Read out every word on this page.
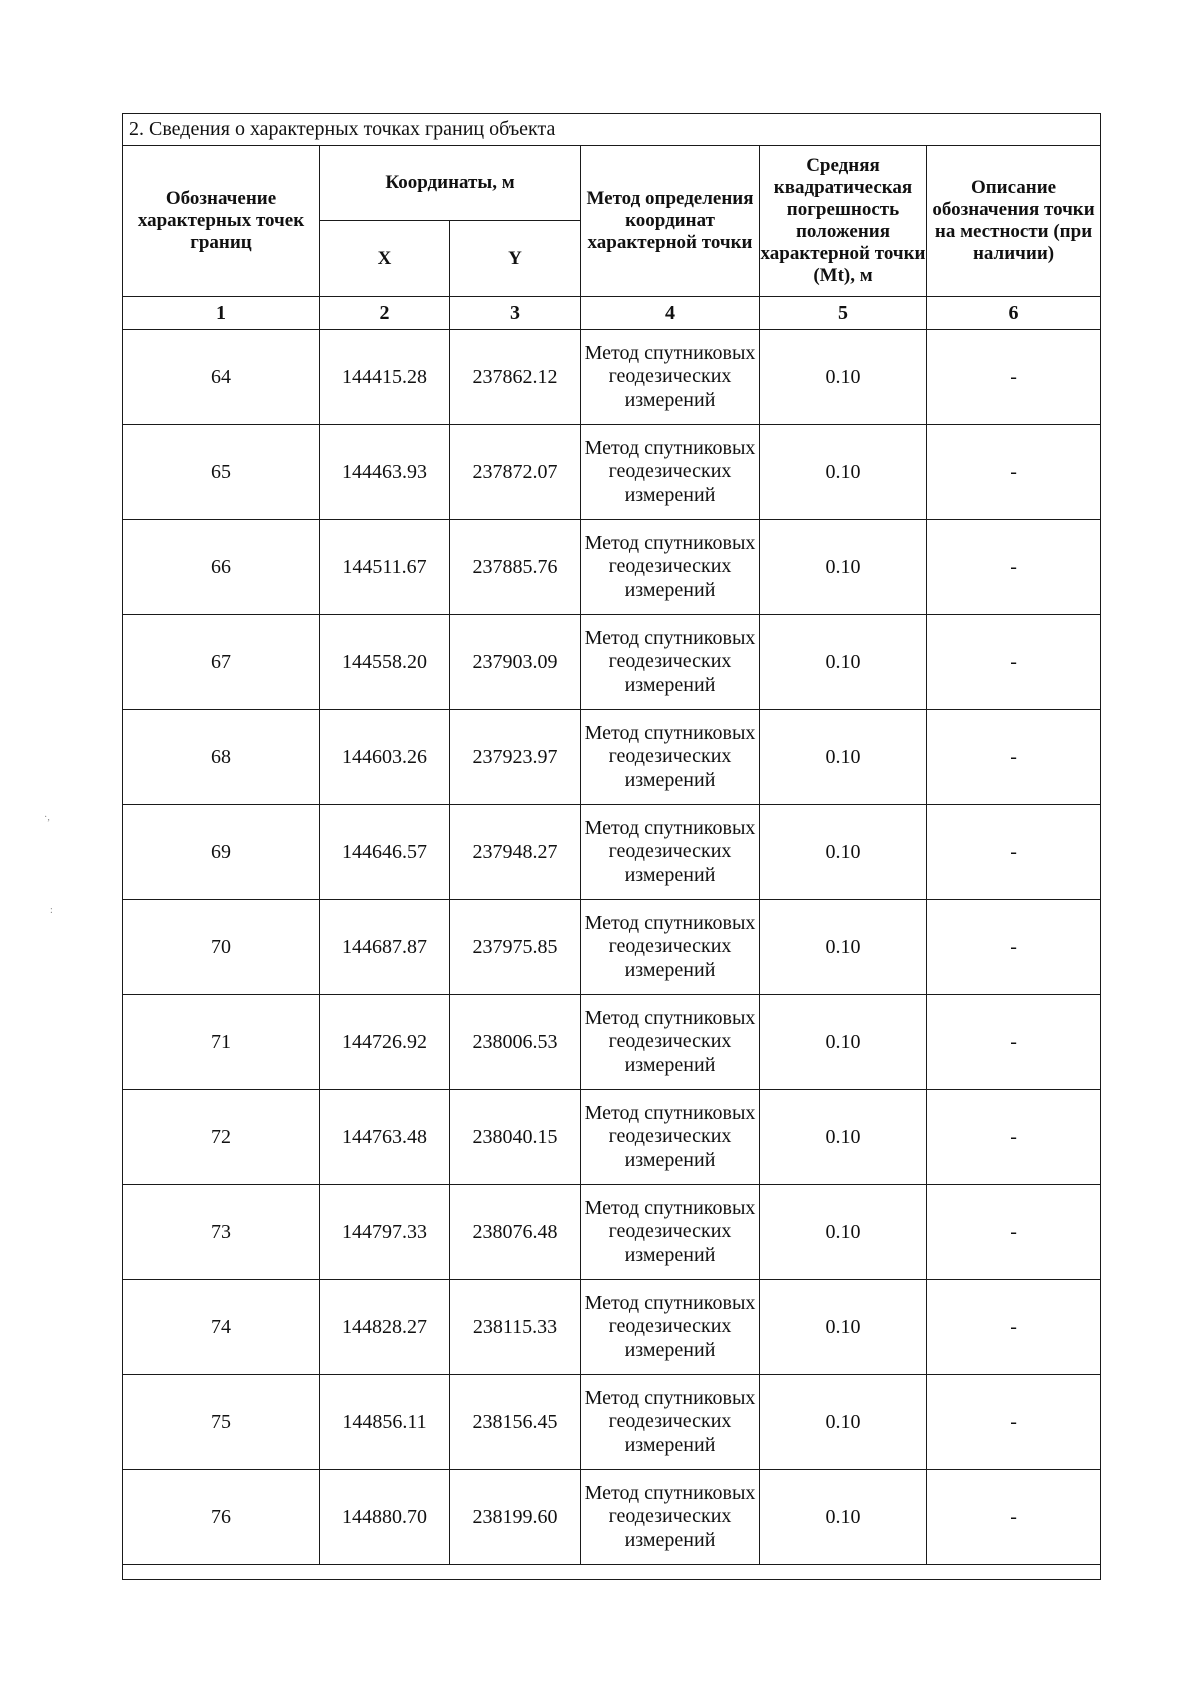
2. Сведения о характерных точках границ объекта					
Обозначение характерных точек границ	Координаты, м		Метод определения координат характерной точки	Средняя квадратическая погрешность положения характерной точки (Mt), м	Описание обозначения точки на местности (при наличии)
	X	Y			
1	2	3	4	5	6
64	144415.28	237862.12	Метод спутниковых геодезических измерений	0.10	-
65	144463.93	237872.07	Метод спутниковых геодезических измерений	0.10	-
66	144511.67	237885.76	Метод спутниковых геодезических измерений	0.10	-
67	144558.20	237903.09	Метод спутниковых геодезических измерений	0.10	-
68	144603.26	237923.97	Метод спутниковых геодезических измерений	0.10	-
69	144646.57	237948.27	Метод спутниковых геодезических измерений	0.10	-
70	144687.87	237975.85	Метод спутниковых геодезических измерений	0.10	-
71	144726.92	238006.53	Метод спутниковых геодезических измерений	0.10	-
72	144763.48	238040.15	Метод спутниковых геодезических измерений	0.10	-
73	144797.33	238076.48	Метод спутниковых геодезических измерений	0.10	-
74	144828.27	238115.33	Метод спутниковых геодезических измерений	0.10	-
75	144856.11	238156.45	Метод спутниковых геодезических измерений	0.10	-
76	144880.70	238199.60	Метод спутниковых геодезических измерений	0.10	-

·,
:
